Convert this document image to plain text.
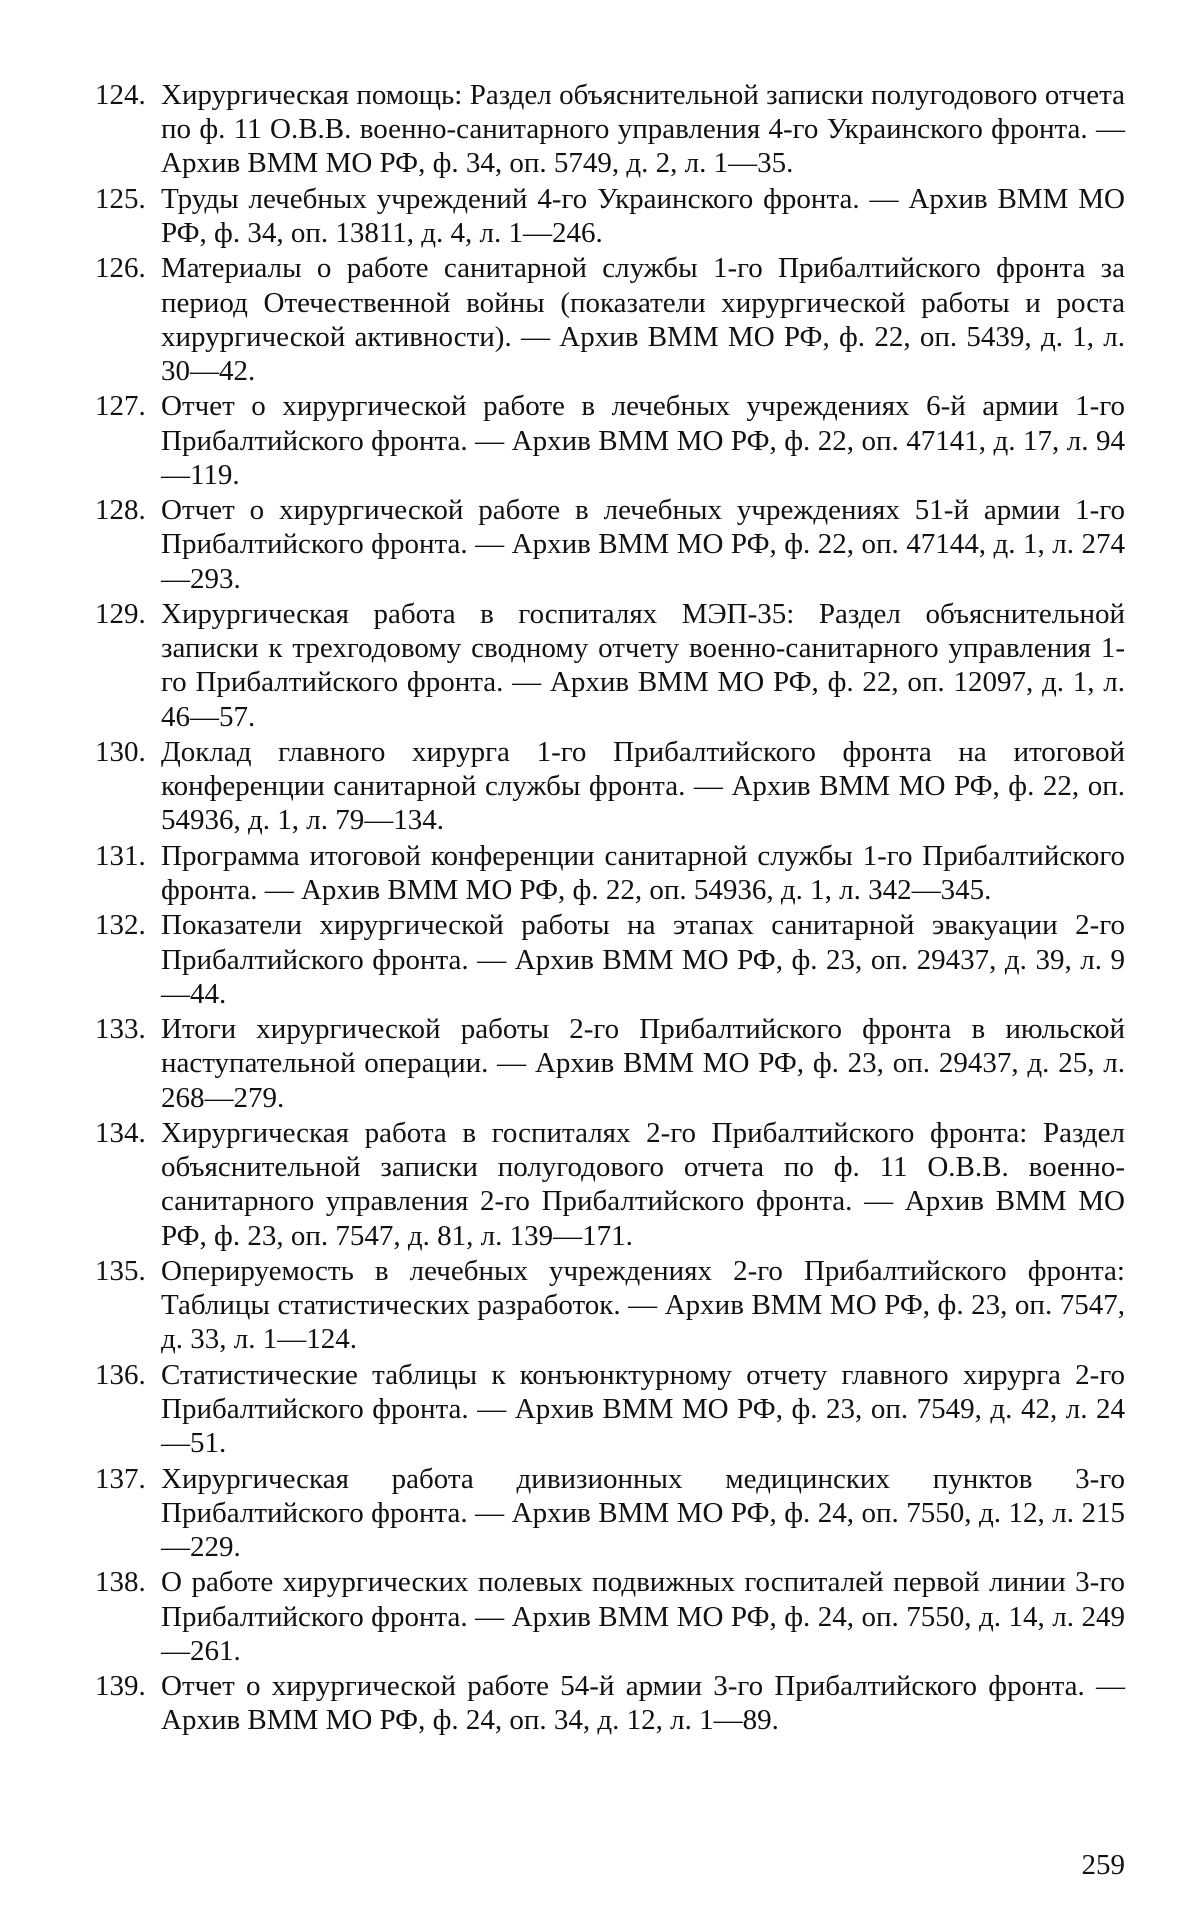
124. Хирургическая помощь: Раздел объяснительной записки полугодового отчета по ф. 11 О.В.В. военно-санитарного управления 4-го Украинского фронта. — Архив ВММ МО РФ, ф. 34, оп. 5749, д. 2, л. 1—35.
125. Труды лечебных учреждений 4-го Украинского фронта. — Архив ВММ МО РФ, ф. 34, оп. 13811, д. 4, л. 1—246.
126. Материалы о работе санитарной службы 1-го Прибалтийского фронта за период Отечественной войны (показатели хирургической работы и роста хирургической активности). — Архив ВММ МО РФ, ф. 22, оп. 5439, д. 1, л. 30—42.
127. Отчет о хирургической работе в лечебных учреждениях 6-й армии 1-го Прибалтийского фронта. — Архив ВММ МО РФ, ф. 22, оп. 47141, д. 17, л. 94—119.
128. Отчет о хирургической работе в лечебных учреждениях 51-й армии 1-го Прибалтийского фронта. — Архив ВММ МО РФ, ф. 22, оп. 47144, д. 1, л. 274—293.
129. Хирургическая работа в госпиталях МЭП-35: Раздел объяснительной записки к трехгодовому сводному отчету военно-санитарного управления 1-го Прибалтийского фронта. — Архив ВММ МО РФ, ф. 22, оп. 12097, д. 1, л. 46—57.
130. Доклад главного хирурга 1-го Прибалтийского фронта на итоговой конференции санитарной службы фронта. — Архив ВММ МО РФ, ф. 22, оп. 54936, д. 1, л. 79—134.
131. Программа итоговой конференции санитарной службы 1-го Прибалтийского фронта. — Архив ВММ МО РФ, ф. 22, оп. 54936, д. 1, л. 342—345.
132. Показатели хирургической работы на этапах санитарной эвакуации 2-го Прибалтийского фронта. — Архив ВММ МО РФ, ф. 23, оп. 29437, д. 39, л. 9—44.
133. Итоги хирургической работы 2-го Прибалтийского фронта в июльской наступательной операции. — Архив ВММ МО РФ, ф. 23, оп. 29437, д. 25, л. 268—279.
134. Хирургическая работа в госпиталях 2-го Прибалтийского фронта: Раздел объяснительной записки полугодового отчета по ф. 11 О.В.В. военно-санитарного управления 2-го Прибалтийского фронта. — Архив ВММ МО РФ, ф. 23, оп. 7547, д. 81, л. 139—171.
135. Оперируемость в лечебных учреждениях 2-го Прибалтийского фронта: Таблицы статистических разработок. — Архив ВММ МО РФ, ф. 23, оп. 7547, д. 33, л. 1—124.
136. Статистические таблицы к конъюнктурному отчету главного хирурга 2-го Прибалтийского фронта. — Архив ВММ МО РФ, ф. 23, оп. 7549, д. 42, л. 24—51.
137. Хирургическая работа дивизионных медицинских пунктов 3-го Прибалтийского фронта. — Архив ВММ МО РФ, ф. 24, оп. 7550, д. 12, л. 215—229.
138. О работе хирургических полевых подвижных госпиталей первой линии 3-го Прибалтийского фронта. — Архив ВММ МО РФ, ф. 24, оп. 7550, д. 14, л. 249—261.
139. Отчет о хирургической работе 54-й армии 3-го Прибалтийского фронта. — Архив ВММ МО РФ, ф. 24, оп. 34, д. 12, л. 1—89.
259
